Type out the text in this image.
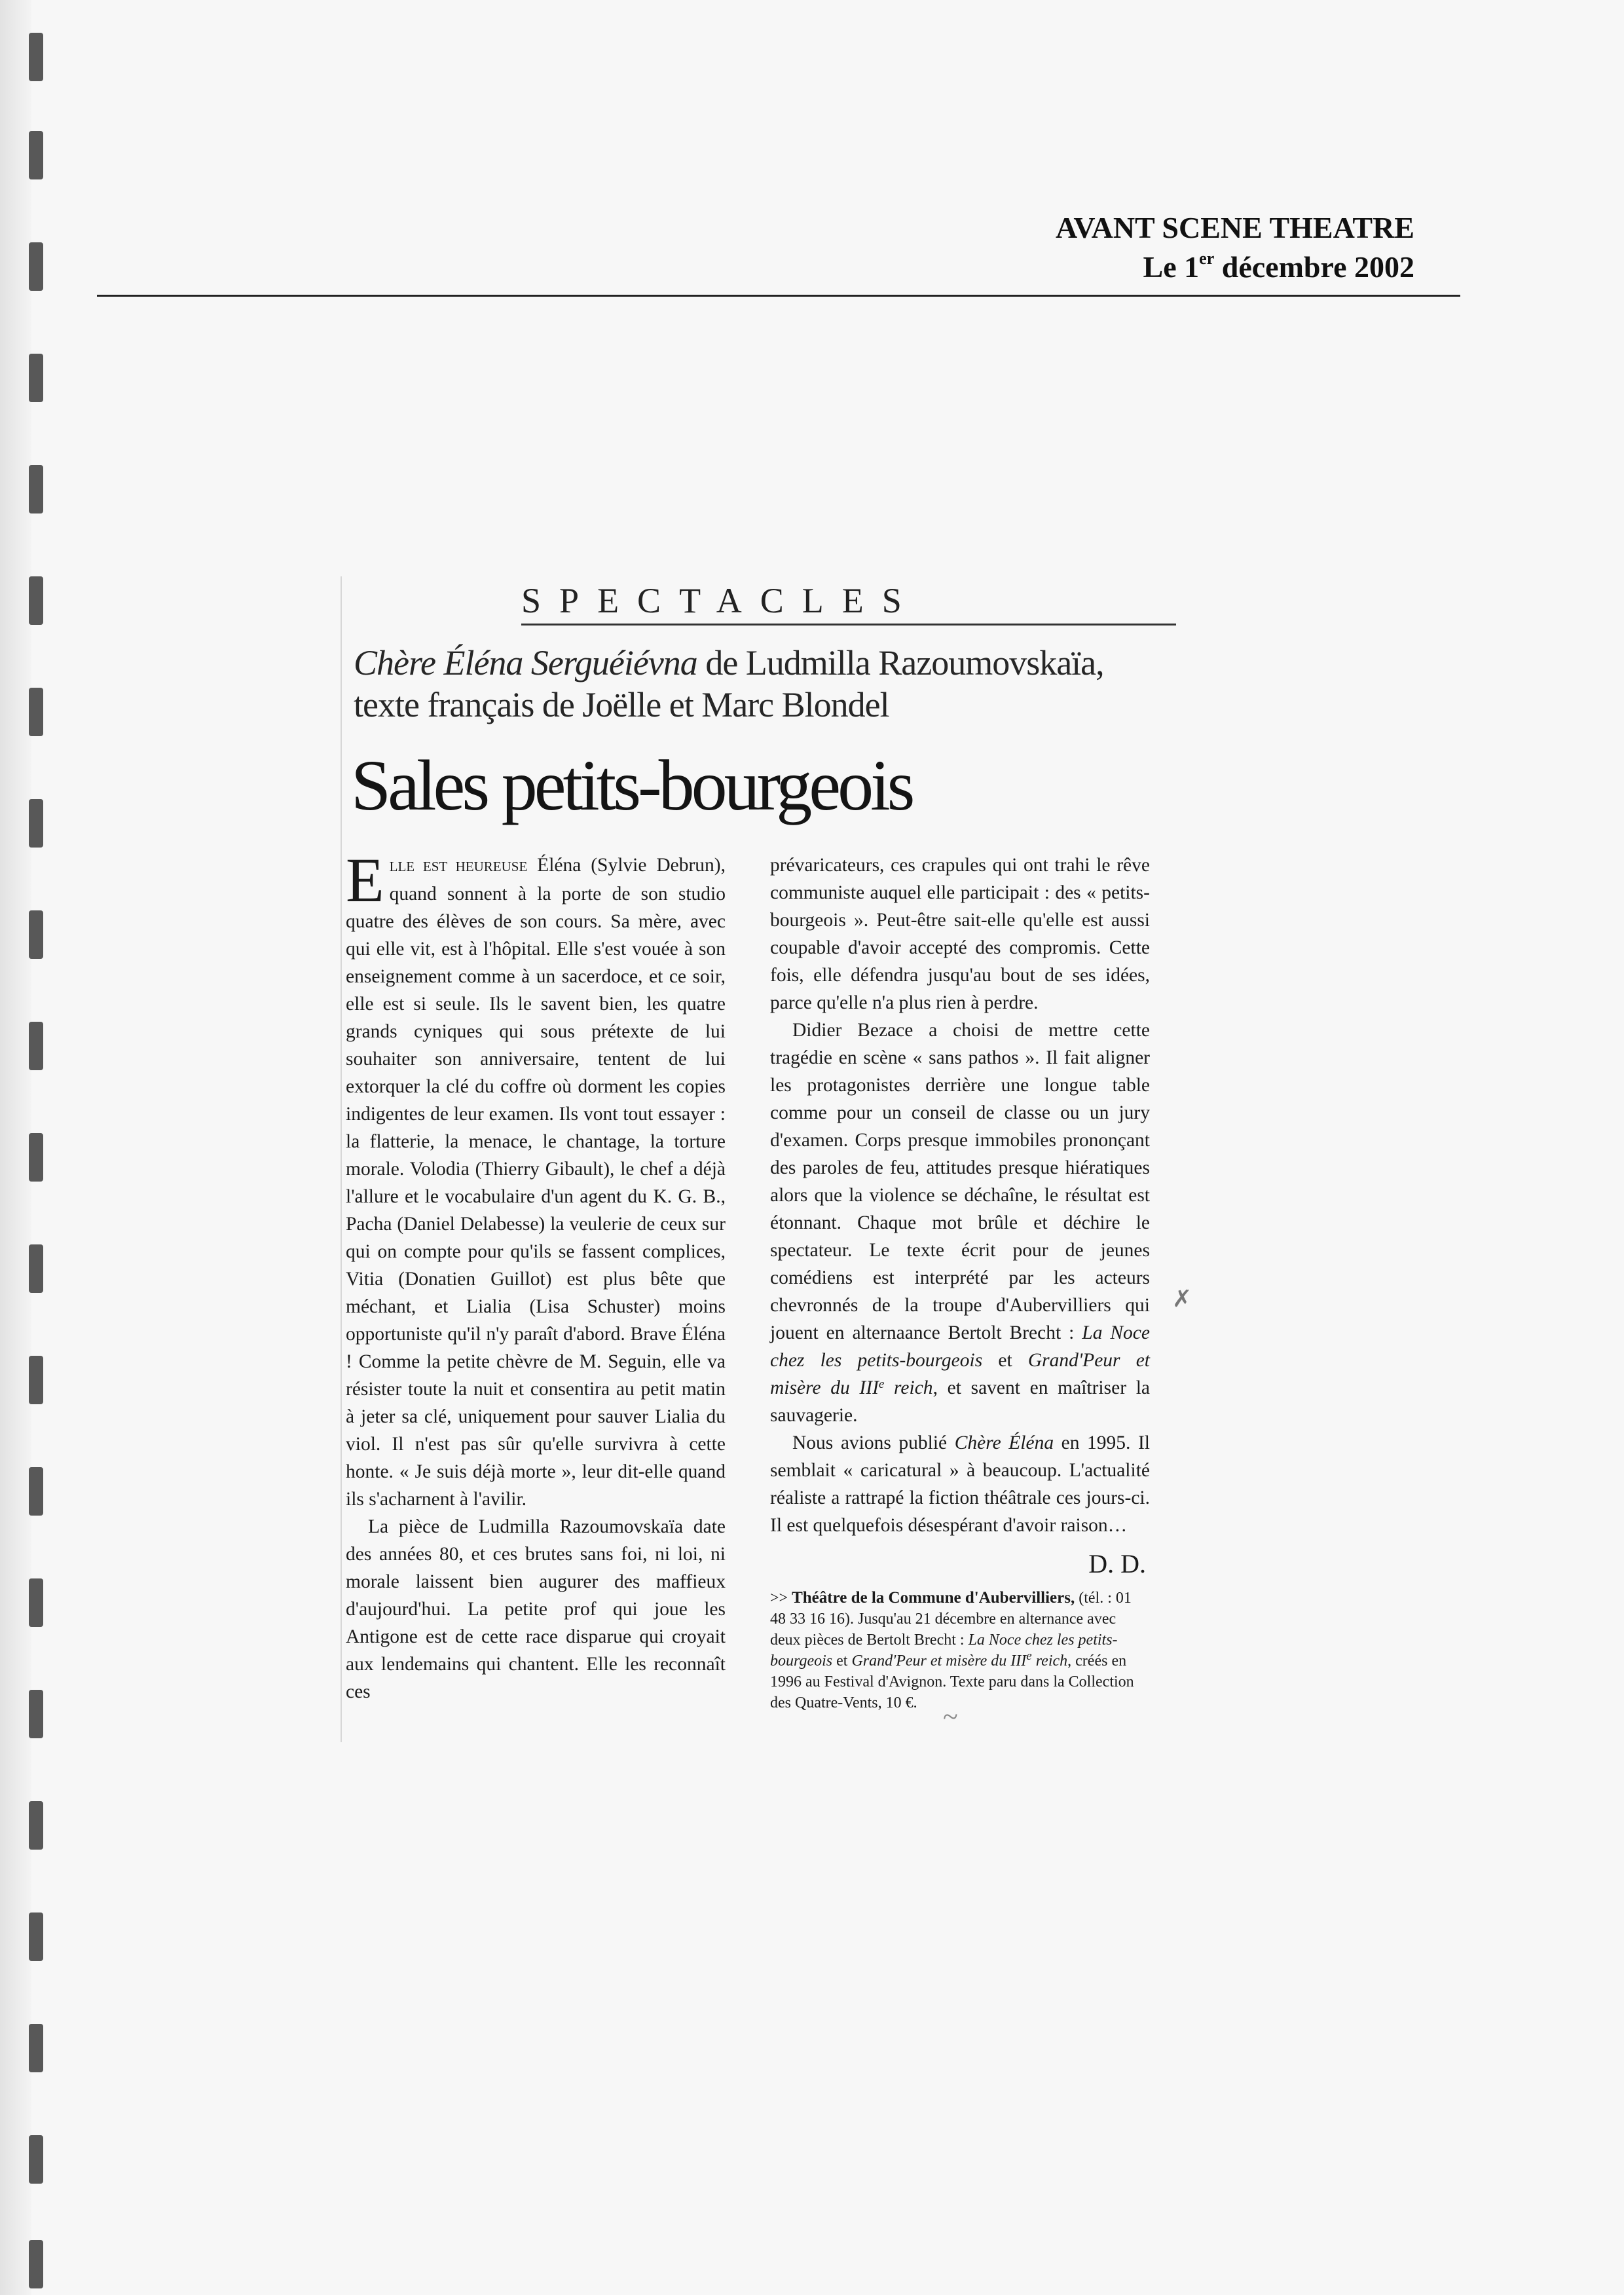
AVANT SCENE THEATRE
Le 1er décembre 2002
SPECTACLES
Chère Éléna Serguéiévna de Ludmilla Razoumovskaïa, texte français de Joëlle et Marc Blondel
Sales petits-bourgeois

ELLE EST HEUREUSE Éléna (Sylvie Debrun), quand sonnent à la porte de son studio quatre des élèves de son cours. Sa mère, avec qui elle vit, est à l'hôpital. Elle s'est vouée à son enseignement comme à un sacerdoce, et ce soir, elle est si seule. Ils le savent bien, les quatre grands cyniques qui sous prétexte de lui souhaiter son anniversaire, tentent de lui extorquer la clé du coffre où dorment les copies indigentes de leur examen. Ils vont tout essayer : la flatterie, la menace, le chantage, la torture morale. Volodia (Thierry Gibault), le chef a déjà l'allure et le vocabulaire d'un agent du K. G. B., Pacha (Daniel Delabesse) la veulerie de ceux sur qui on compte pour qu'ils se fassent complices, Vitia (Donatien Guillot) est plus bête que méchant, et Lialia (Lisa Schuster) moins opportuniste qu'il n'y paraît d'abord. Brave Éléna ! Comme la petite chèvre de M. Seguin, elle va résister toute la nuit et consentira au petit matin à jeter sa clé, uniquement pour sauver Lialia du viol. Il n'est pas sûr qu'elle survivra à cette honte. « Je suis déjà morte », leur dit-elle quand ils s'acharnent à l'avilir.

La pièce de Ludmilla Razoumovskaïa date des années 80, et ces brutes sans foi, ni loi, ni morale laissent bien augurer des maffieux d'aujourd'hui. La petite prof qui joue les Antigone est de cette race disparue qui croyait aux lendemains qui chantent. Elle les reconnaît ces

prévaricateurs, ces crapules qui ont trahi le rêve communiste auquel elle participait : des « petits-bourgeois ». Peut-être sait-elle qu'elle est aussi coupable d'avoir accepté des compromis. Cette fois, elle défendra jusqu'au bout de ses idées, parce qu'elle n'a plus rien à perdre.

Didier Bezace a choisi de mettre cette tragédie en scène « sans pathos ». Il fait aligner les protagonistes derrière une longue table comme pour un conseil de classe ou un jury d'examen. Corps presque immobiles prononçant des paroles de feu, attitudes presque hiératiques alors que la violence se déchaîne, le résultat est étonnant. Chaque mot brûle et déchire le spectateur. Le texte écrit pour de jeunes comédiens est interprété par les acteurs chevronnés de la troupe d'Aubervilliers qui jouent en alternaance Bertolt Brecht : La Noce chez les petits-bourgeois et Grand'Peur et misère du IIIe reich, et savent en maîtriser la sauvagerie.

Nous avions publié Chère Éléna en 1995. Il semblait « caricatural » à beaucoup. L'actualité réaliste a rattrapé la fiction théâtrale ces jours-ci. Il est quelquefois désespérant d'avoir raison…

D. D.
>> Théâtre de la Commune d'Aubervilliers, (tél. : 01 48 33 16 16). Jusqu'au 21 décembre en alternance avec deux pièces de Bertolt Brecht : La Noce chez les petits-bourgeois et Grand'Peur et misère du IIIe reich, créés en 1996 au Festival d'Avignon. Texte paru dans la Collection des Quatre-Vents, 10 €.
✗
~
